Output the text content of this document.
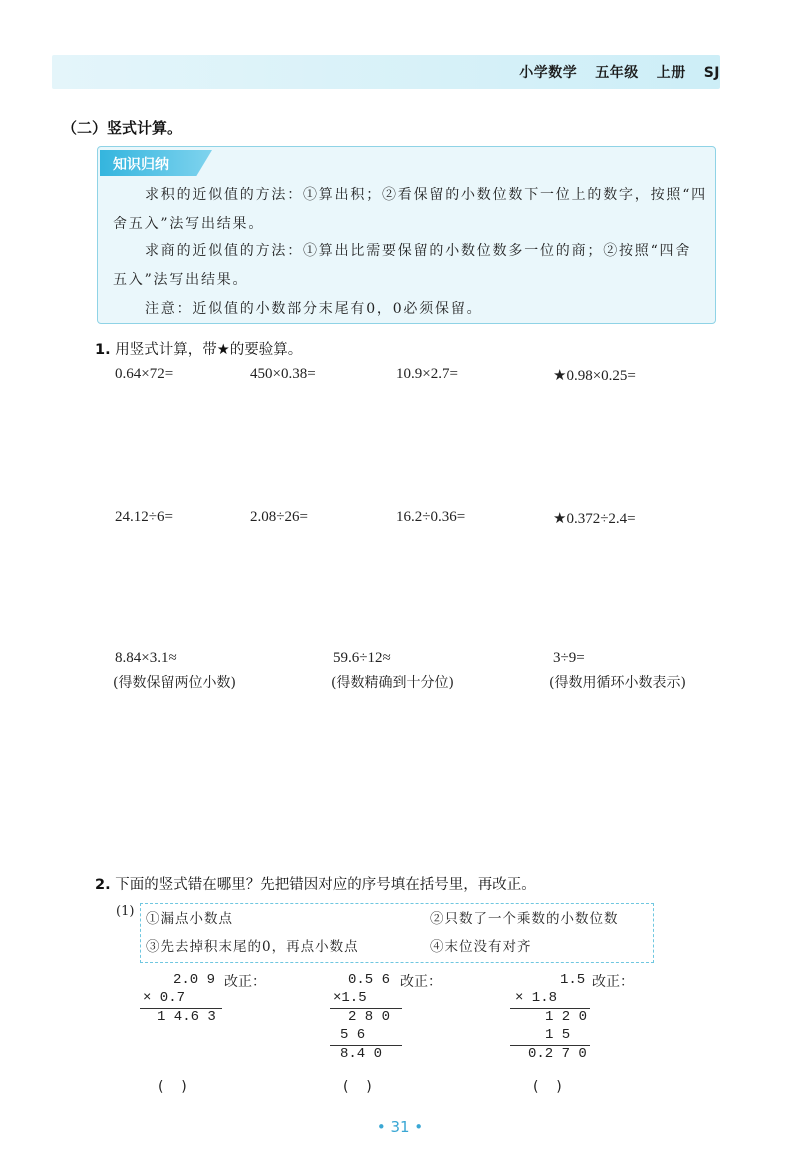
小学数学 五年级 上册 SJ
（二）竖式计算。
知识归纳
求积的近似值的方法：①算出积；②看保留的小数位数下一位上的数字，按照“四
舍五入”法写出结果。
求商的近似值的方法：①算出比需要保留的小数位数多一位的商；②按照“四舍
五入”法写出结果。
注意：近似值的小数部分末尾有0，0必须保留。
1. 用竖式计算，带★的要验算。
0.64×72=	450×0.38=	10.9×2.7=	★0.98×0.25=
24.12÷6=	2.08÷26=	16.2÷0.36=	★0.372÷2.4=
8.84×3.1≈	59.6÷12≈	3÷9=
(得数保留两位小数)	(得数精确到十分位)	(得数用循环小数表示)
2. 下面的竖式错在哪里？先把错因对应的序号填在括号里，再改正。
(1) ①漏点小数点	②只数了一个乘数的小数位数
③先去掉积末尾的0，再点小数点	④末位没有对齐
2.0 9 改正：
× 0.7
1 4.6 3
0.5 6 改正：
×1.5
2 8 0
5 6
8.4 0
1.5 改正：
× 1.8
1 2 0
1 5
0.2 7 0
(    )	(    )	(    )
• 31 •
